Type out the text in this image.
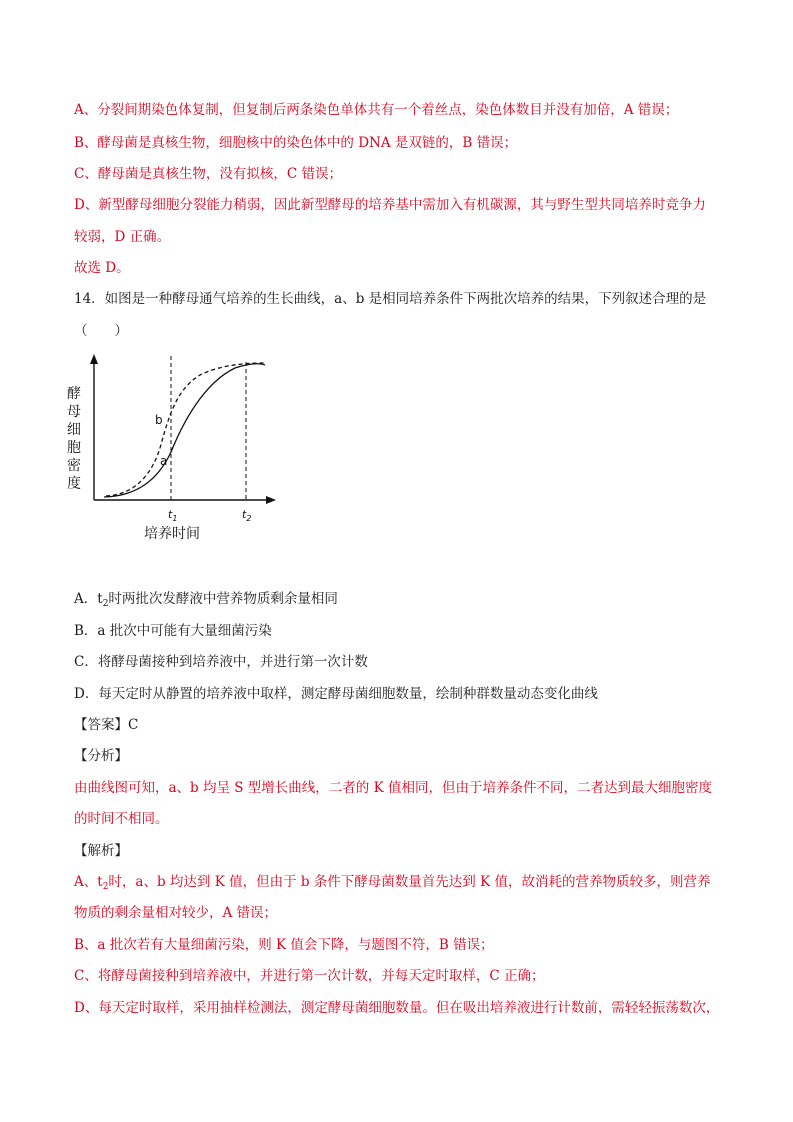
A、分裂间期染色体复制，但复制后两条染色单体共有一个着丝点，染色体数目并没有加倍，A 错误；
B、酵母菌是真核生物，细胞核中的染色体中的 DNA 是双链的，B 错误；
C、酵母菌是真核生物，没有拟核，C 错误；
D、新型酵母细胞分裂能力稍弱，因此新型酵母的培养基中需加入有机碳源，其与野生型共同培养时竞争力
较弱，D 正确。
故选 D。
14．如图是一种酵母通气培养的生长曲线，a、b 是相同培养条件下两批次培养的结果，下列叙述合理的是
（　　）
酵
母
细
胞
密
度
b
a
$t_1$	$t_2$
培养时间
A．$t_2$时两批次发酵液中营养物质剩余量相同
B．a 批次中可能有大量细菌污染
C．将酵母菌接种到培养液中，并进行第一次计数
D．每天定时从静置的培养液中取样，测定酵母菌细胞数量，绘制种群数量动态变化曲线
【答案】C
【分析】
由曲线图可知，a、b 均呈 S 型增长曲线，二者的 K 值相同，但由于培养条件不同，二者达到最大细胞密度
的时间不相同。
【解析】
A、$t_2$时，a、b 均达到 K 值，但由于 b 条件下酵母菌数量首先达到 K 值，故消耗的营养物质较多，则营养
物质的剩余量相对较少，A 错误；
B、a 批次若有大量细菌污染，则 K 值会下降，与题图不符，B 错误；
C、将酵母菌接种到培养液中，并进行第一次计数，并每天定时取样，C 正确；
D、每天定时取样，采用抽样检测法，测定酵母菌细胞数量。但在吸出培养液进行计数前，需轻轻振荡数次，
